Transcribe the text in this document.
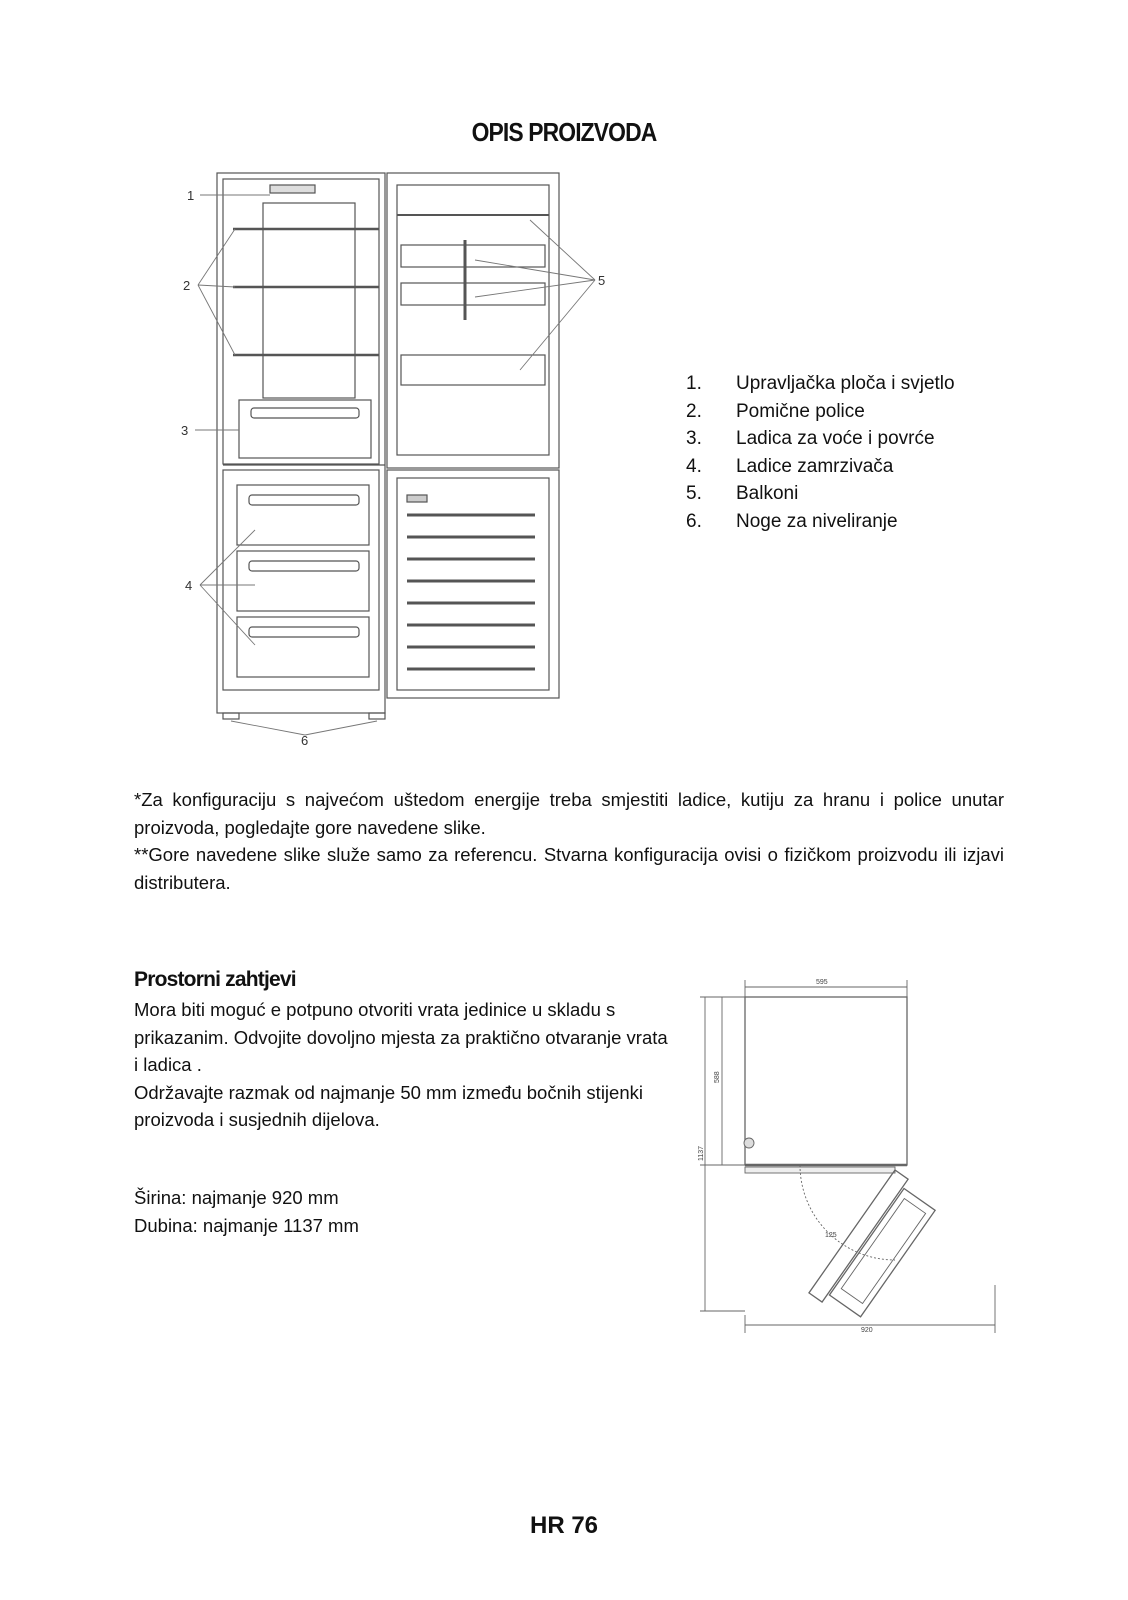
OPIS PROIZVODA
1
2
3
4
5
6
1.	Upravljačka ploča i svjetlo
2.	Pomične police
3.	Ladica za voće i povrće
4.	Ladice zamrzivača
5.	Balkoni
6.	Noge za niveliranje

*Za konfiguraciju s najvećom uštedom energije treba smjestiti ladice, kutiju za hranu i police unutar proizvoda, pogledajte gore navedene slike.

**Gore navedene slike služe samo za referencu. Stvarna konfiguracija ovisi o fizičkom proizvodu ili izjavi distributera.

Prostorni zahtjevi

Mora biti moguć e potpuno otvoriti vrata jedinice u skladu s prikazanim. Odvojite dovoljno mjesta za praktično otvaranje vrata i ladica .

Održavajte razmak od najmanje 50 mm između bočnih stijenki proizvoda i susjednih dijelova.

Širina: najmanje 920 mm

Dubina: najmanje 1137 mm

595
588
1137
125
920
HR 76
